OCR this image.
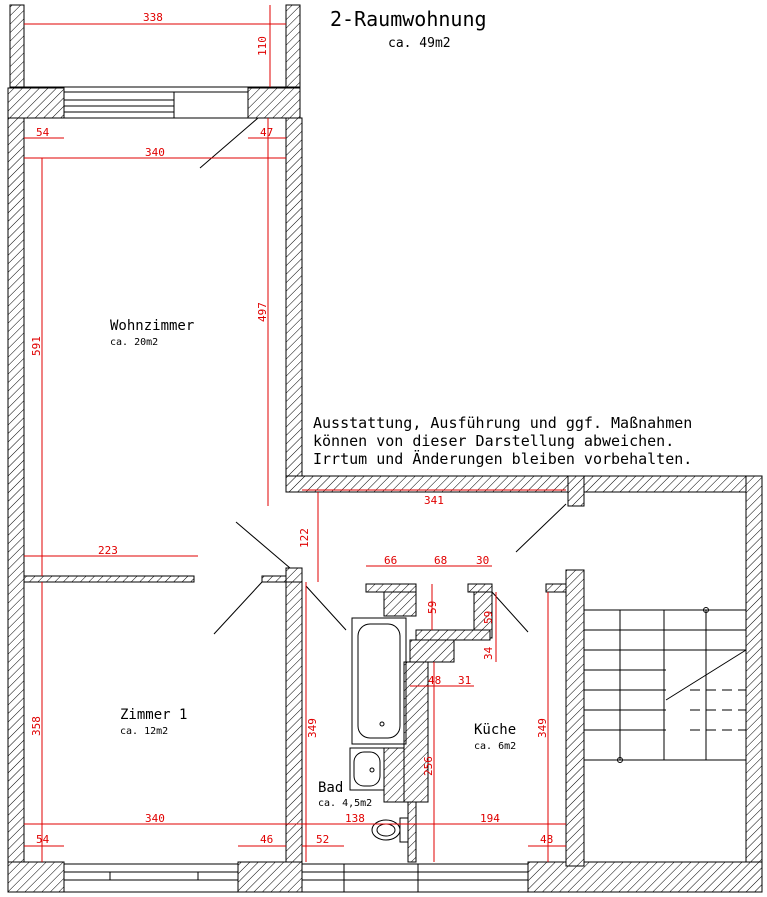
2-Raumwohnung
ca. 49m2
338
110
54	47
340
497
591
223
122
341
66	68	30
59
59
34
48 31
358	349	349
256
340	138	194
54	46	52	48
Wohnzimmer
ca. 20m2
Zimmer 1
ca. 12m2
Bad
ca. 4,5m2
Küche
ca. 6m2
Ausstattung, Ausführung und ggf. Maßnahmen
können von dieser Darstellung abweichen.
Irrtum und Änderungen bleiben vorbehalten.
